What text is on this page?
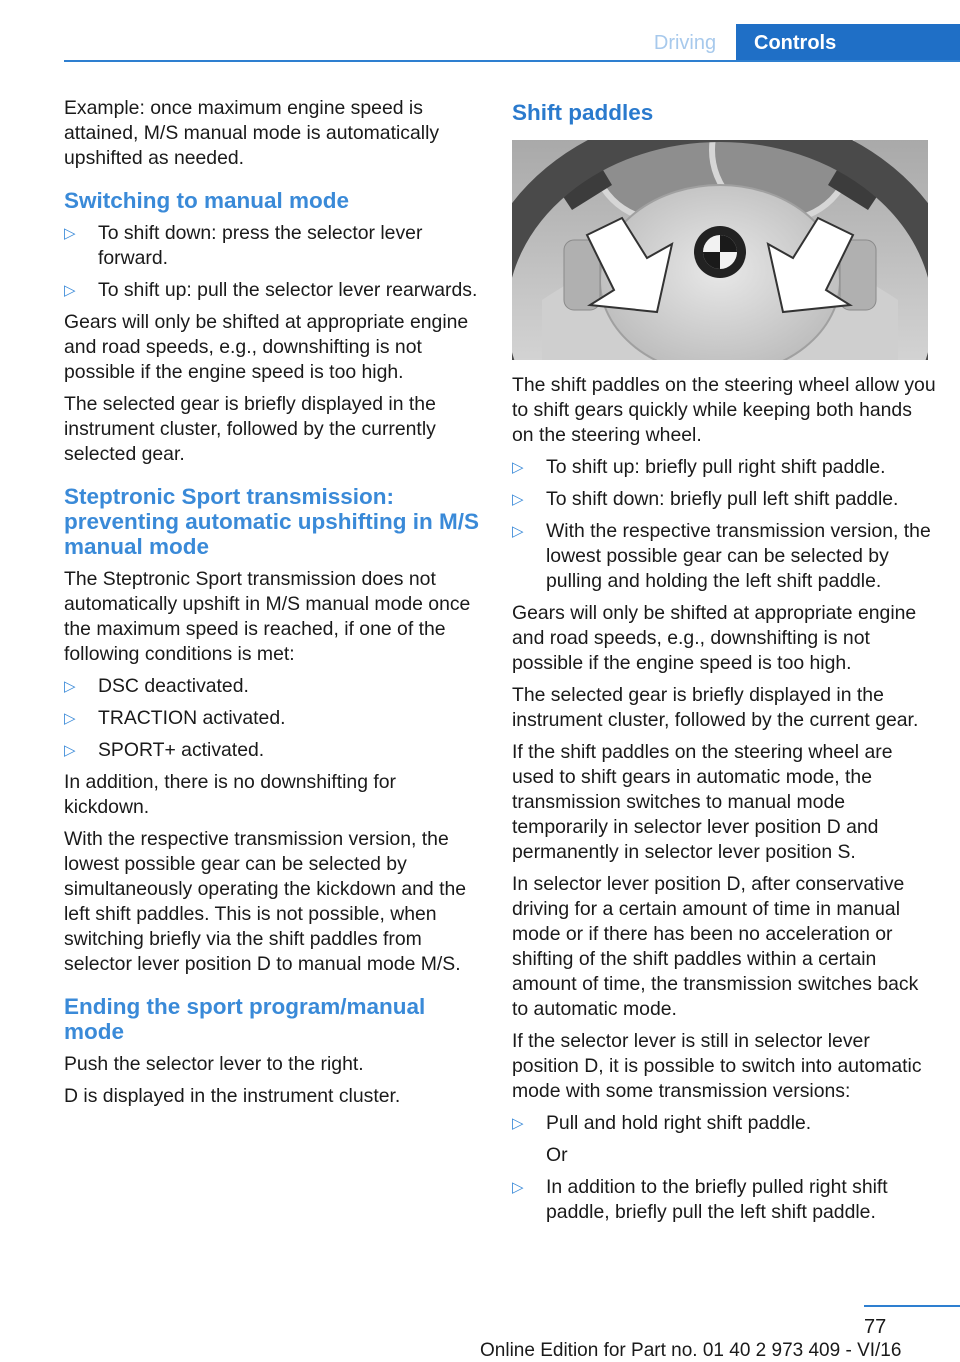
Driving	Controls

Example: once maximum engine speed is attained, M/S manual mode is automatically upshifted as needed.

Switching to manual mode
▷ To shift down: press the selector lever forward.
▷ To shift up: pull the selector lever rearwards.

Gears will only be shifted at appropriate engine and road speeds, e.g., downshifting is not possible if the engine speed is too high.

The selected gear is briefly displayed in the instrument cluster, followed by the currently selected gear.

Steptronic Sport transmission: preventing automatic upshifting in M/S manual mode

The Steptronic Sport transmission does not automatically upshift in M/S manual mode once the maximum speed is reached, if one of the following conditions is met:

▷ DSC deactivated.
▷ TRACTION activated.
▷ SPORT+ activated.

In addition, there is no downshifting for kickdown.

With the respective transmission version, the lowest possible gear can be selected by simultaneously operating the kickdown and the left shift paddles. This is not possible, when switching briefly via the shift paddles from selector lever position D to manual mode M/S.

Ending the sport program/manual mode

Push the selector lever to the right.

D is displayed in the instrument cluster.

Shift paddles

The shift paddles on the steering wheel allow you to shift gears quickly while keeping both hands on the steering wheel.

▷ To shift up: briefly pull right shift paddle.
▷ To shift down: briefly pull left shift paddle.
▷ With the respective transmission version, the lowest possible gear can be selected by pulling and holding the left shift paddle.

Gears will only be shifted at appropriate engine and road speeds, e.g., downshifting is not possible if the engine speed is too high.

The selected gear is briefly displayed in the instrument cluster, followed by the current gear.

If the shift paddles on the steering wheel are used to shift gears in automatic mode, the transmission switches to manual mode temporarily in selector lever position D and permanently in selector lever position S.

In selector lever position D, after conservative driving for a certain amount of time in manual mode or if there has been no acceleration or shifting of the shift paddles within a certain amount of time, the transmission switches back to automatic mode.

If the selector lever is still in selector lever position D, it is possible to switch into automatic mode with some transmission versions:

▷ Pull and hold right shift paddle.
Or
▷ In addition to the briefly pulled right shift paddle, briefly pull the left shift paddle.
77
Online Edition for Part no. 01 40 2 973 409 - VI/16
